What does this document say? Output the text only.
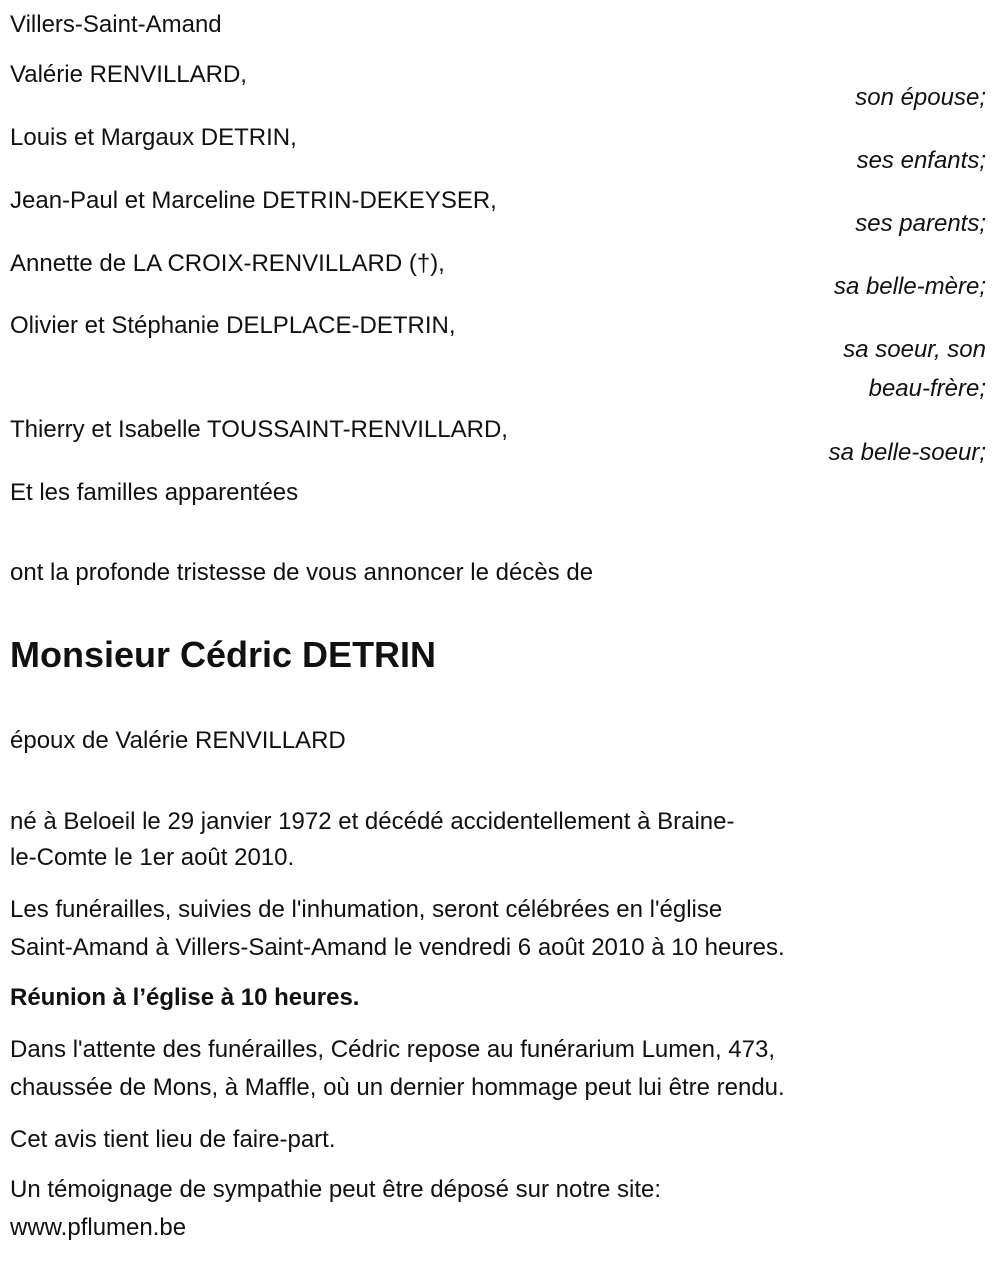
Villers-Saint-Amand
Valérie RENVILLARD,
son épouse;
Louis et Margaux DETRIN,
ses enfants;
Jean-Paul et Marceline DETRIN-DEKEYSER,
ses parents;
Annette de LA CROIX-RENVILLARD (†),
sa belle-mère;
Olivier et Stéphanie DELPLACE-DETRIN,
sa soeur, son
beau-frère;
Thierry et Isabelle TOUSSAINT-RENVILLARD,
sa belle-soeur;
Et les familles apparentées
ont la profonde tristesse de vous annoncer le décès de
Monsieur Cédric DETRIN
époux de Valérie RENVILLARD
né à Beloeil le 29 janvier 1972 et décédé accidentellement à Braine-
le-Comte le 1er août 2010.
Les funérailles, suivies de l'inhumation, seront célébrées en l'église
Saint-Amand à Villers-Saint-Amand le vendredi 6 août 2010 à 10 heures.
Réunion à l’église à 10 heures.
Dans l'attente des funérailles, Cédric repose au funérarium Lumen, 473,
chaussée de Mons, à Maffle, où un dernier hommage peut lui être rendu.
Cet avis tient lieu de faire-part.
Un témoignage de sympathie peut être déposé sur notre site:
www.pflumen.be
